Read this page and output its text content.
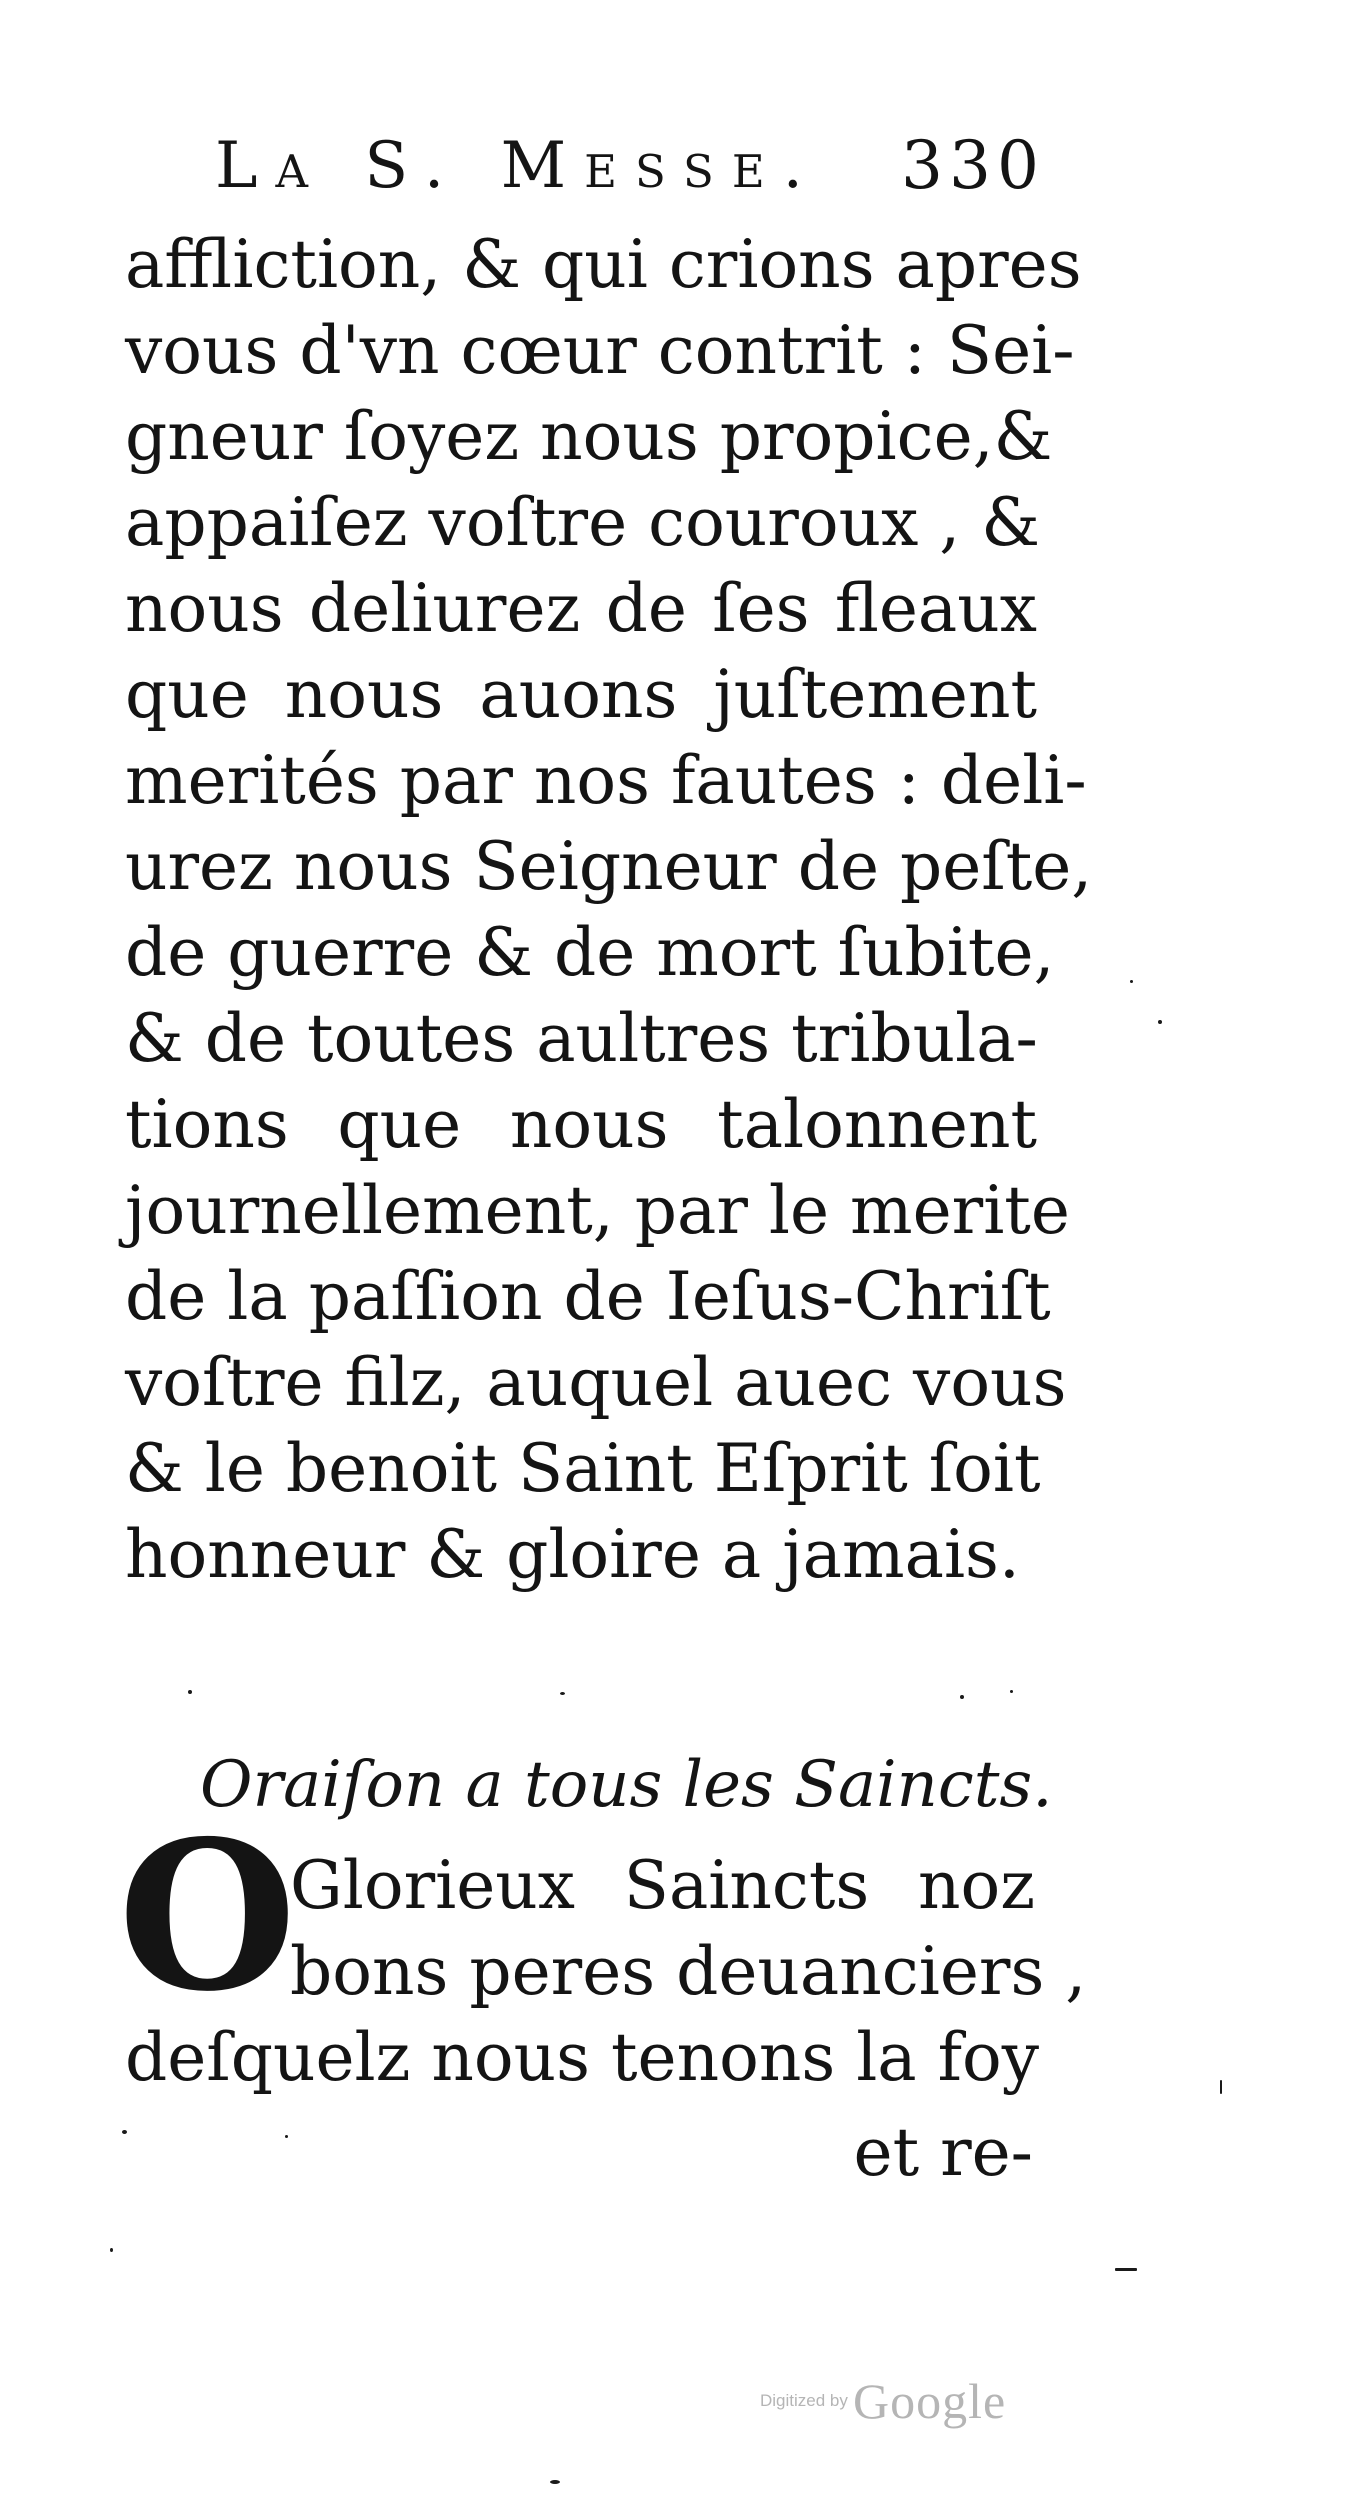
La S. Messe. 330
affliction, & qui crions apres
vous d'vn cœur contrit : Sei-
gneur ſoyez nous propice,&
appaiſez voſtre couroux , &
nous deliurez de ſes fleaux
que nous auons juſtement
merités par nos fautes : deli-
urez nous Seigneur de peſte,
de guerre & de mort ſubite,
& de toutes aultres tribula-
tions que nous talonnent
journellement, par le merite
de la paſſion de Ieſus-Chriſt
voſtre filz, auquel auec vous
& le benoit Saint Eſprit ſoit
honneur & gloire a jamais.
Oraiſon a tous les Saincts.
O
Glorieux Saincts noz
bons peres deuanciers ,
deſquelz nous tenons la foy
et re-
Digitized by Google
